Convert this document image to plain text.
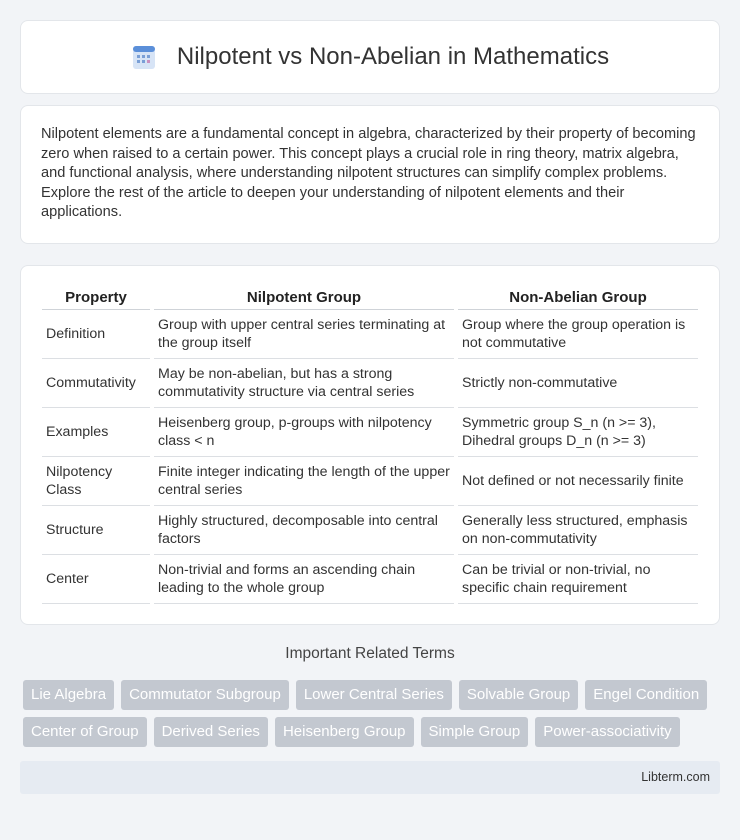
Nilpotent vs Non-Abelian in Mathematics
Nilpotent elements are a fundamental concept in algebra, characterized by their property of becoming zero when raised to a certain power. This concept plays a crucial role in ring theory, matrix algebra, and functional analysis, where understanding nilpotent structures can simplify complex problems. Explore the rest of the article to deepen your understanding of nilpotent elements and their applications.
Property	Nilpotent Group	Non-Abelian Group
Definition	Group with upper central series terminating at the group itself	Group where the group operation is not commutative
Commutativity	May be non-abelian, but has a strong commutativity structure via central series	Strictly non-commutative
Examples	Heisenberg group, p-groups with nilpotency class < n	Symmetric group S_n (n >= 3), Dihedral groups D_n (n >= 3)
Nilpotency Class	Finite integer indicating the length of the upper central series	Not defined or not necessarily finite
Structure	Highly structured, decomposable into central factors	Generally less structured, emphasis on non-commutativity
Center	Non-trivial and forms an ascending chain leading to the whole group	Can be trivial or non-trivial, no specific chain requirement
Important Related Terms
Lie Algebra	Commutator Subgroup	Lower Central Series	Solvable Group	Engel Condition
Center of Group	Derived Series	Heisenberg Group	Simple Group	Power-associativity
Libterm.com
